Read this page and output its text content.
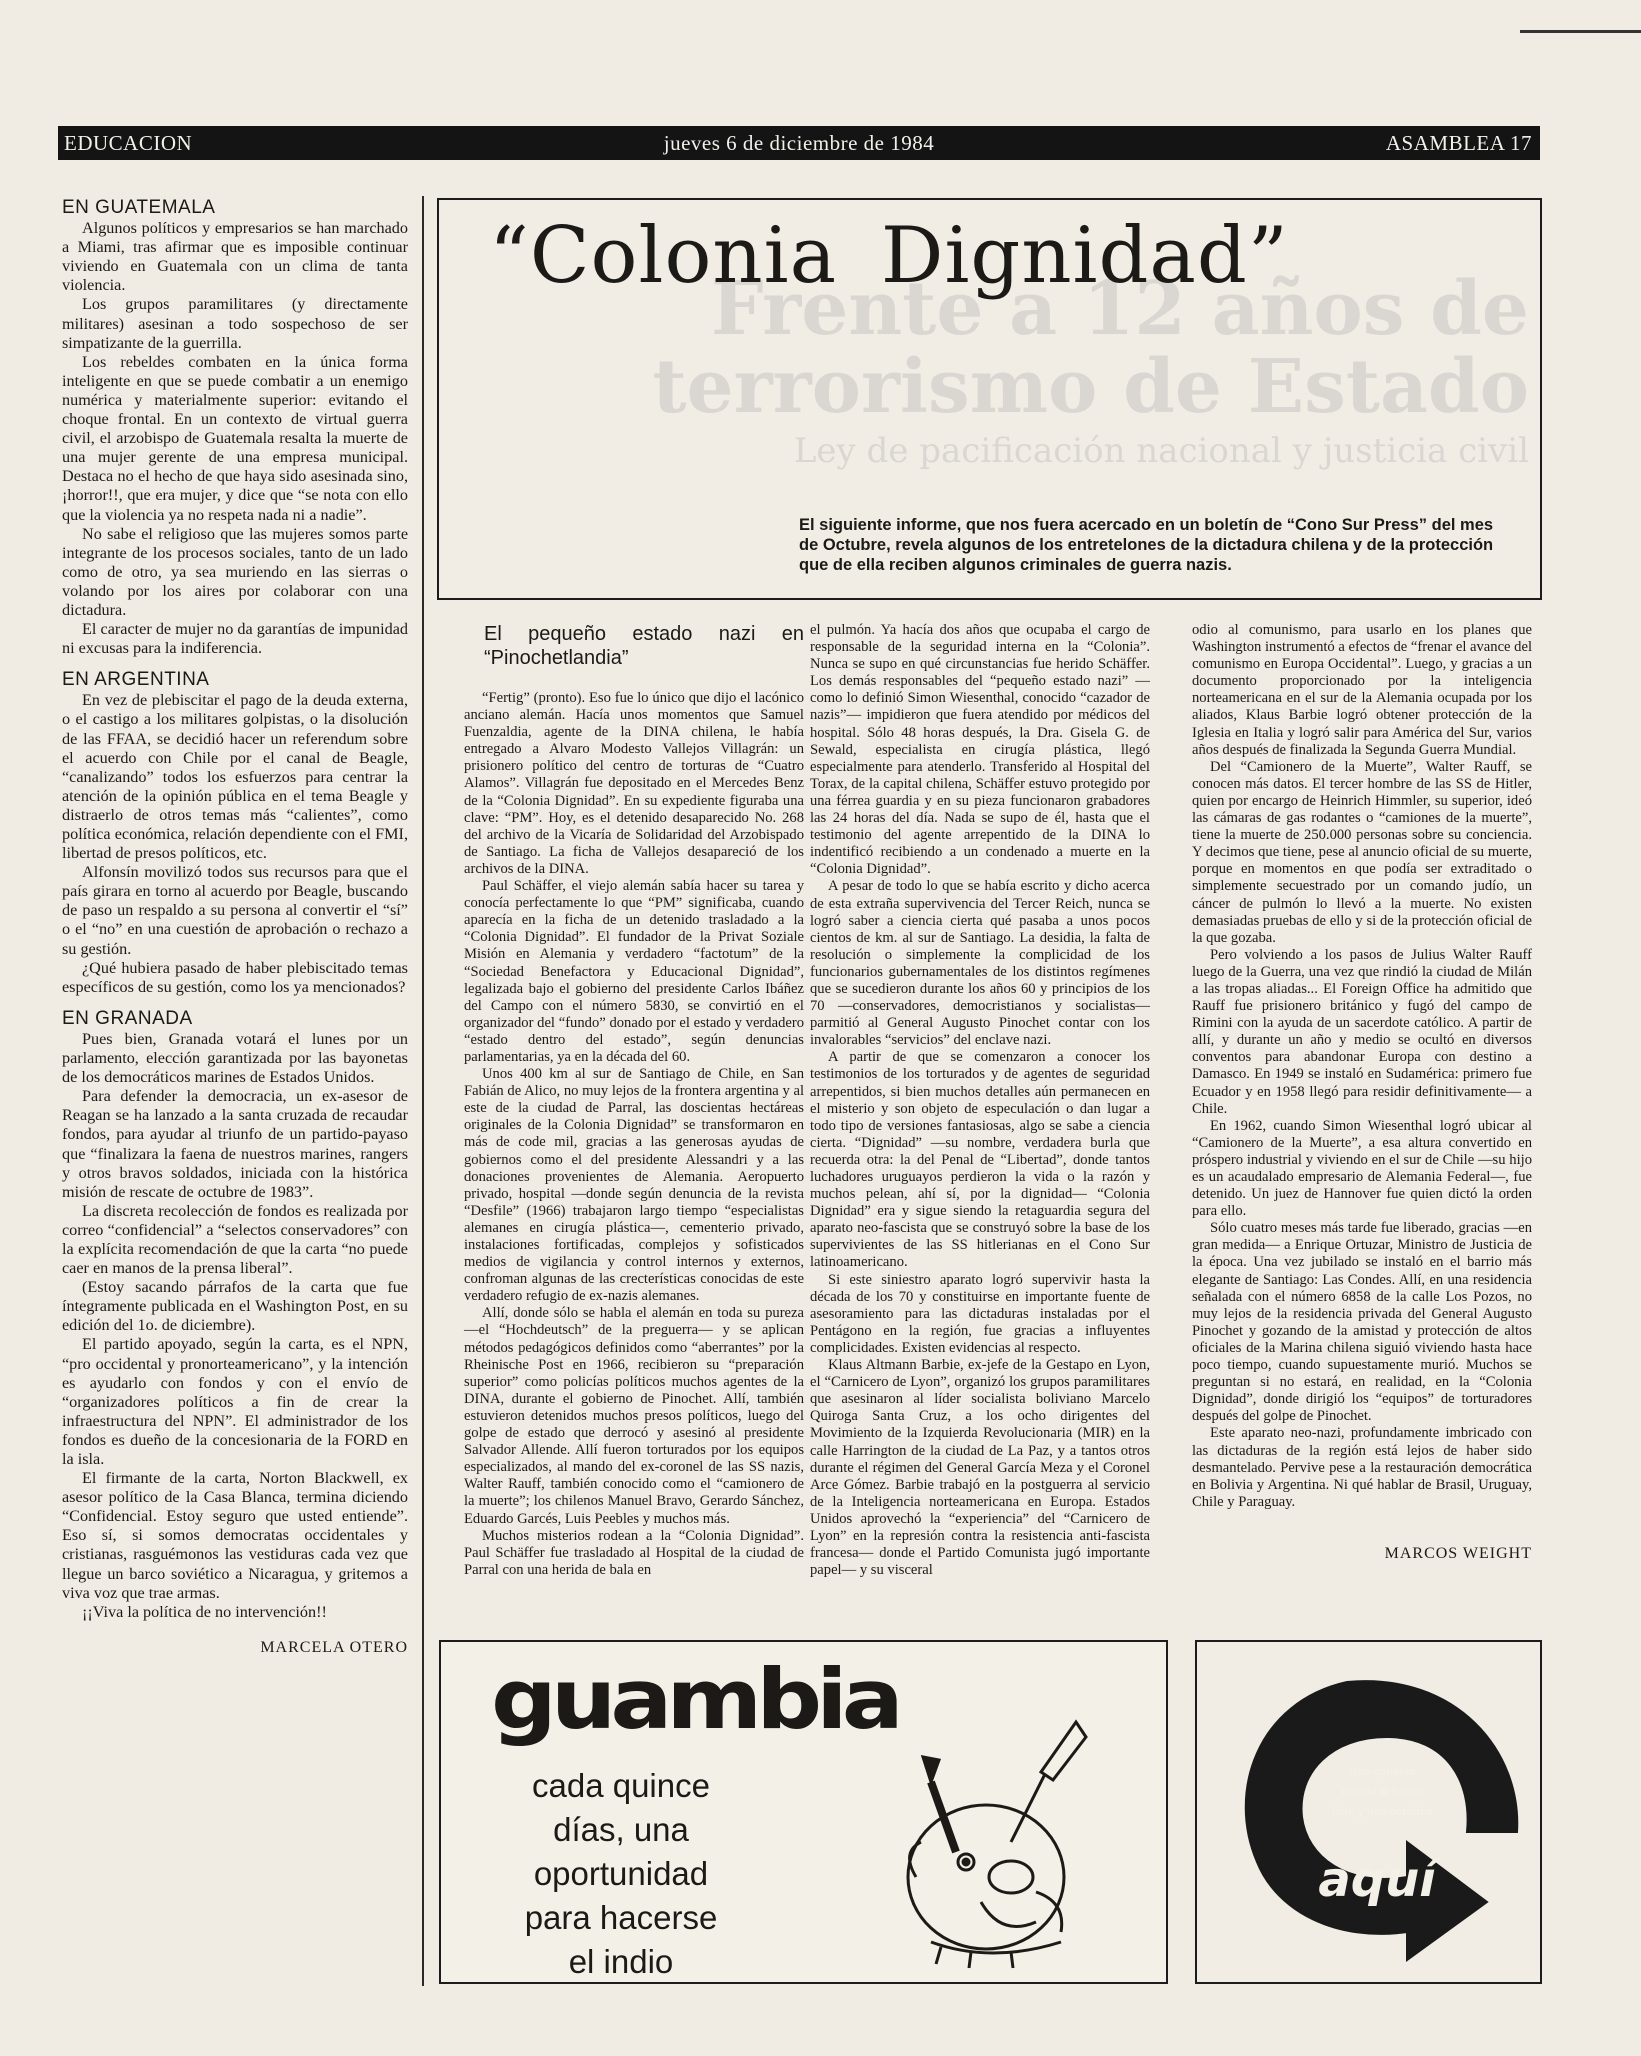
EDUCACION	jueves 6 de diciembre de 1984	ASAMBLEA 17
EN GUATEMALA

Algunos políticos y empresarios se han marchado a Miami, tras afirmar que es imposible continuar viviendo en Guatemala con un clima de tanta violencia.

Los grupos paramilitares (y directamente militares) asesinan a todo sospechoso de ser simpatizante de la guerrilla.

Los rebeldes combaten en la única forma inteligente en que se puede combatir a un enemigo numérica y materialmente superior: evitando el choque frontal. En un contexto de virtual guerra civil, el arzobispo de Guatemala resalta la muerte de una mujer gerente de una empresa municipal. Destaca no el hecho de que haya sido asesinada sino, ¡horror!!, que era mujer, y dice que “se nota con ello que la violencia ya no respeta nada ni a nadie”.

No sabe el religioso que las mujeres somos parte integrante de los procesos sociales, tanto de un lado como de otro, ya sea muriendo en las sierras o volando por los aires por colaborar con una dictadura.

El caracter de mujer no da garantías de impunidad ni excusas para la indiferencia.

EN ARGENTINA

En vez de plebiscitar el pago de la deuda externa, o el castigo a los militares golpistas, o la disolución de las FFAA, se decidió hacer un referendum sobre el acuerdo con Chile por el canal de Beagle, “canalizando” todos los esfuerzos para centrar la atención de la opinión pública en el tema Beagle y distraerlo de otros temas más “calientes”, como política económica, relación dependiente con el FMI, libertad de presos políticos, etc.

Alfonsín movilizó todos sus recursos para que el país girara en torno al acuerdo por Beagle, buscando de paso un respaldo a su persona al convertir el “sí” o el “no” en una cuestión de aprobación o rechazo a su gestión.

¿Qué hubiera pasado de haber plebiscitado temas específicos de su gestión, como los ya mencionados?

EN GRANADA

Pues bien, Granada votará el lunes por un parlamento, elección garantizada por las bayonetas de los democráticos marines de Estados Unidos.

Para defender la democracia, un ex-asesor de Reagan se ha lanzado a la santa cruzada de recaudar fondos, para ayudar al triunfo de un partido-payaso que “finalizara la faena de nuestros marines, rangers y otros bravos soldados, iniciada con la histórica misión de rescate de octubre de 1983”.

La discreta recolección de fondos es realizada por correo “confidencial” a “selectos conservadores” con la explícita recomendación de que la carta “no puede caer en manos de la prensa liberal”.

(Estoy sacando párrafos de la carta que fue íntegramente publicada en el Washington Post, en su edición del 1o. de diciembre).

El partido apoyado, según la carta, es el NPN, “pro occidental y pronorteamericano”, y la intención es ayudarlo con fondos y con el envío de “organizadores políticos a fin de crear la infraestructura del NPN”. El administrador de los fondos es dueño de la concesionaria de la FORD en la isla.

El firmante de la carta, Norton Blackwell, ex asesor político de la Casa Blanca, termina diciendo “Confidencial. Estoy seguro que usted entiende”. Eso sí, si somos democratas occidentales y cristianas, rasguémonos las vestiduras cada vez que llegue un barco soviético a Nicaragua, y gritemos a viva voz que trae armas.

¡¡Viva la política de no intervención!!

MARCELA OTERO
Frente a 12 años de
terrorismo de Estado
Ley de pacificación nacional y justicia civil
“Colonia Dignidad”
El siguiente informe, que nos fuera acercado en un boletín de “Cono Sur Press” del mes de Octubre, revela algunos de los entretelones de la dictadura chilena y de la protección que de ella reciben algunos criminales de guerra nazis.
El pequeño estado nazi en “Pinochetlandia”

“Fertig” (pronto). Eso fue lo único que dijo el lacónico anciano alemán. Hacía unos momentos que Samuel Fuenzaldia, agente de la DINA chilena, le había entregado a Alvaro Modesto Vallejos Villagrán: un prisionero político del centro de torturas de “Cuatro Alamos”. Villagrán fue depositado en el Mercedes Benz de la “Colonia Dignidad”. En su expediente figuraba una clave: “PM”. Hoy, es el detenido desaparecido No. 268 del archivo de la Vicaría de Solidaridad del Arzobispado de Santiago. La ficha de Vallejos desapareció de los archivos de la DINA.

Paul Schäffer, el viejo alemán sabía hacer su tarea y conocía perfectamente lo que “PM” significaba, cuando aparecía en la ficha de un detenido trasladado a la “Colonia Dignidad”. El fundador de la Privat Soziale Misión en Alemania y verdadero “factotum” de la “Sociedad Benefactora y Educacional Dignidad”, legalizada bajo el gobierno del presidente Carlos Ibáñez del Campo con el número 5830, se convirtió en el organizador del “fundo” donado por el estado y verdadero “estado dentro del estado”, según denuncias parlamentarias, ya en la década del 60.

Unos 400 km al sur de Santiago de Chile, en San Fabián de Alico, no muy lejos de la frontera argentina y al este de la ciudad de Parral, las doscientas hectáreas originales de la Colonia Dignidad” se transformaron en más de code mil, gracias a las generosas ayudas de gobiernos como el del presidente Alessandri y a las donaciones provenientes de Alemania. Aeropuerto privado, hospital —donde según denuncia de la revista “Desfile” (1966) trabajaron largo tiempo “especialistas alemanes en cirugía plástica—, cementerio privado, instalaciones fortificadas, complejos y sofisticados medios de vigilancia y control internos y externos, confroman algunas de las crecterísticas conocidas de este verdadero refugio de ex-nazis alemanes.

Allí, donde sólo se habla el alemán en toda su pureza —el “Hochdeutsch” de la preguerra— y se aplican métodos pedagógicos definidos como “aberrantes” por la Rheinische Post en 1966, recibieron su “preparación superior” como policías políticos muchos agentes de la DINA, durante el gobierno de Pinochet. Allí, también estuvieron detenidos muchos presos políticos, luego del golpe de estado que derrocó y asesinó al presidente Salvador Allende. Allí fueron torturados por los equipos especializados, al mando del ex-coronel de las SS nazis, Walter Rauff, también conocido como el “camionero de la muerte”; los chilenos Manuel Bravo, Gerardo Sánchez, Eduardo Garcés, Luis Peebles y muchos más.

Muchos misterios rodean a la “Colonia Dignidad”. Paul Schäffer fue trasladado al Hospital de la ciudad de Parral con una herida de bala en

el pulmón. Ya hacía dos años que ocupaba el cargo de responsable de la seguridad interna en la “Colonia”. Nunca se supo en qué circunstancias fue herido Schäffer. Los demás responsables del “pequeño estado nazi” —como lo definió Simon Wiesenthal, conocido “cazador de nazis”— impidieron que fuera atendido por médicos del hospital. Sólo 48 horas después, la Dra. Gisela G. de Sewald, especialista en cirugía plástica, llegó especialmente para atenderlo. Transferido al Hospital del Torax, de la capital chilena, Schäffer estuvo protegido por una férrea guardia y en su pieza funcionaron grabadores las 24 horas del día. Nada se supo de él, hasta que el testimonio del agente arrepentido de la DINA lo indentificó recibiendo a un condenado a muerte en la “Colonia Dignidad”.

A pesar de todo lo que se había escrito y dicho acerca de esta extraña supervivencia del Tercer Reich, nunca se logró saber a ciencia cierta qué pasaba a unos pocos cientos de km. al sur de Santiago. La desidia, la falta de resolución o simplemente la complicidad de los funcionarios gubernamentales de los distintos regímenes que se sucedieron durante los años 60 y principios de los 70 —conservadores, democristianos y socialistas— parmitió al General Augusto Pinochet contar con los invalorables “servicios” del enclave nazi.

A partir de que se comenzaron a conocer los testimonios de los torturados y de agentes de seguridad arrepentidos, si bien muchos detalles aún permanecen en el misterio y son objeto de especulación o dan lugar a todo tipo de versiones fantasiosas, algo se sabe a ciencia cierta. “Dignidad” —su nombre, verdadera burla que recuerda otra: la del Penal de “Libertad”, donde tantos luchadores uruguayos perdieron la vida o la razón y muchos pelean, ahí sí, por la dignidad— “Colonia Dignidad” era y sigue siendo la retaguardia segura del aparato neo-fascista que se construyó sobre la base de los supervivientes de las SS hitlerianas en el Cono Sur latinoamericano.

Si este siniestro aparato logró supervivir hasta la década de los 70 y constituirse en importante fuente de asesoramiento para las dictaduras instaladas por el Pentágono en la región, fue gracias a influyentes complicidades. Existen evidencias al respecto.

Klaus Altmann Barbie, ex-jefe de la Gestapo en Lyon, el “Carnicero de Lyon”, organizó los grupos paramilitares que asesinaron al líder socialista boliviano Marcelo Quiroga Santa Cruz, a los ocho dirigentes del Movimiento de la Izquierda Revolucionaria (MIR) en la calle Harrington de la ciudad de La Paz, y a tantos otros durante el régimen del General García Meza y el Coronel Arce Gómez. Barbie trabajó en la postguerra al servicio de la Inteligencia norteamericana en Europa. Estados Unidos aprovechó la “experiencia” del “Carnicero de Lyon” en la represión contra la resistencia anti-fascista francesa— donde el Partido Comunista jugó importante papel— y su visceral

odio al comunismo, para usarlo en los planes que Washington instrumentó a efectos de “frenar el avance del comunismo en Europa Occidental”. Luego, y gracias a un documento proporcionado por la inteligencia norteamericana en el sur de la Alemania ocupada por los aliados, Klaus Barbie logró obtener protección de la Iglesia en Italia y logró salir para América del Sur, varios años después de finalizada la Segunda Guerra Mundial.

Del “Camionero de la Muerte”, Walter Rauff, se conocen más datos. El tercer hombre de las SS de Hitler, quien por encargo de Heinrich Himmler, su superior, ideó las cámaras de gas rodantes o “camiones de la muerte”, tiene la muerte de 250.000 personas sobre su conciencia. Y decimos que tiene, pese al anuncio oficial de su muerte, porque en momentos en que podía ser extraditado o simplemente secuestrado por un comando judío, un cáncer de pulmón lo llevó a la muerte. No existen demasiadas pruebas de ello y si de la protección oficial de la que gozaba.

Pero volviendo a los pasos de Julius Walter Rauff luego de la Guerra, una vez que rindió la ciudad de Milán a las tropas aliadas... El Foreign Office ha admitido que Rauff fue prisionero británico y fugó del campo de Rimini con la ayuda de un sacerdote católico. A partir de allí, y durante un año y medio se ocultó en diversos conventos para abandonar Europa con destino a Damasco. En 1949 se instaló en Sudamérica: primero fue Ecuador y en 1958 llegó para residir definitivamente— a Chile.

En 1962, cuando Simon Wiesenthal logró ubicar al “Camionero de la Muerte”, a esa altura convertido en próspero industrial y viviendo en el sur de Chile —su hijo es un acaudalado empresario de Alemania Federal—, fue detenido. Un juez de Hannover fue quien dictó la orden para ello.

Sólo cuatro meses más tarde fue liberado, gracias —en gran medida— a Enrique Ortuzar, Ministro de Justicia de la época. Una vez jubilado se instaló en el barrio más elegante de Santiago: Las Condes. Allí, en una residencia señalada con el número 6858 de la calle Los Pozos, no muy lejos de la residencia privada del General Augusto Pinochet y gozando de la amistad y protección de altos oficiales de la Marina chilena siguió viviendo hasta hace poco tiempo, cuando supuestamente murió. Muchos se preguntan si no estará, en realidad, en la “Colonia Dignidad”, donde dirigió los “equipos” de torturadores después del golpe de Pinochet.

Este aparato neo-nazi, profundamente imbricado con las dictaduras de la región está lejos de haber sido desmantelado. Pervive pese a la restauración democrática en Bolivia y Argentina. Ni qué hablar de Brasil, Uruguay, Chile y Paraguay.

MARCOS WEIGHT
guambia
cada quince
días, una
oportunidad
para hacerse
el indio
Una apuesta
directa al futuro
libre y democrático
aquí
